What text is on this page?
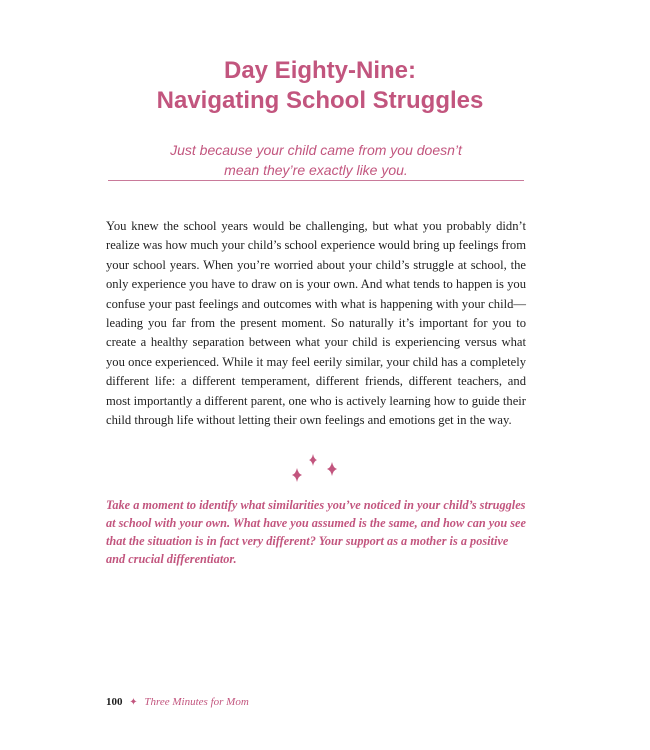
Day Eighty-Nine:
Navigating School Struggles

Just because your child came from you doesn’t
mean they’re exactly like you.

You knew the school years would be challenging, but what you probably didn’t realize was how much your child’s school experience would bring up feelings from your school years. When you’re worried about your child’s struggle at school, the only experience you have to draw on is your own. And what tends to happen is you confuse your past feelings and outcomes with what is happening with your child—leading you far from the present moment. So naturally it’s important for you to create a healthy separation between what your child is experiencing versus what you once experienced. While it may feel eerily similar, your child has a completely different life: a different temperament, different friends, different teachers, and most importantly a different parent, one who is actively learning how to guide their child through life without letting their own feelings and emotions get in the way.

Take a moment to identify what similarities you’ve noticed in your child’s struggles at school with your own. What have you assumed is the same, and how can you see that the situation is in fact very different? Your support as a mother is a positive and crucial differentiator.

100 ✦ Three Minutes for Mom
